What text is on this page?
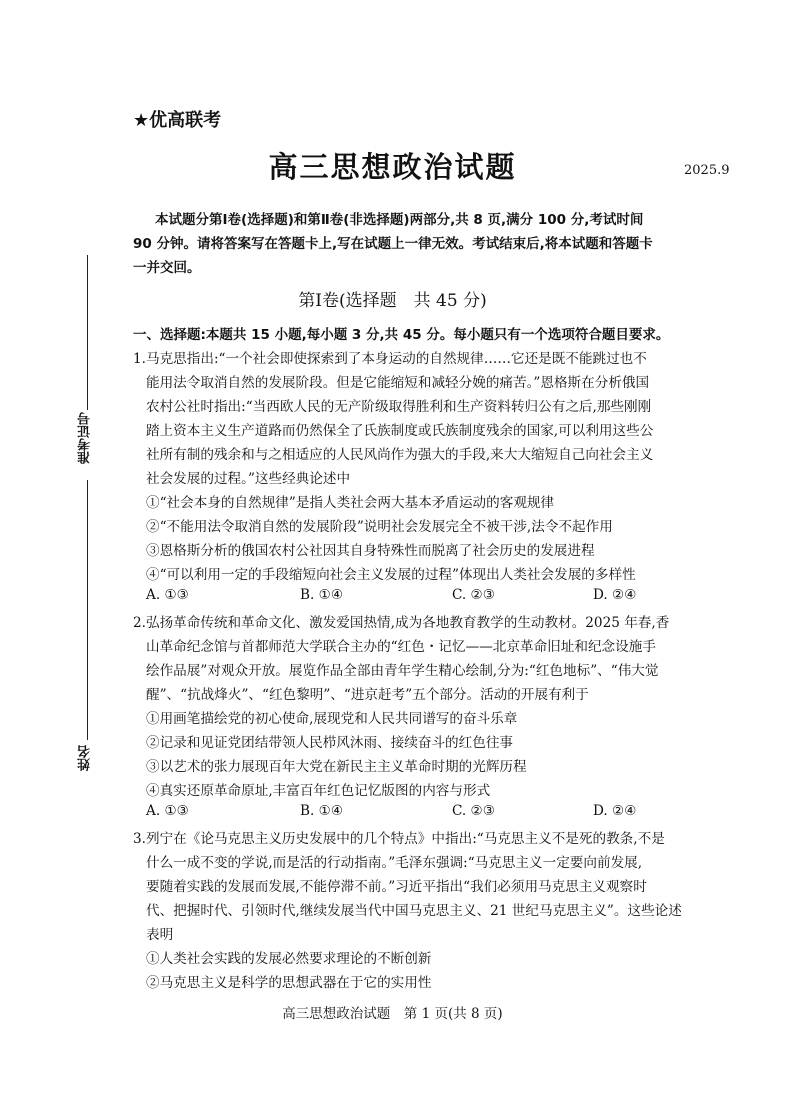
准考证号
姓名
★优高联考
高三思想政治试题	2025.9
本试题分第Ⅰ卷(选择题)和第Ⅱ卷(非选择题)两部分,共 8 页,满分 100 分,考试时间
90 分钟。请将答案写在答题卡上,写在试题上一律无效。考试结束后,将本试题和答题卡
一并交回。
第Ⅰ卷(选择题　共 45 分)
一、选择题:本题共 15 小题,每小题 3 分,共 45 分。每小题只有一个选项符合题目要求。
1.马克思指出:“一个社会即使探索到了本身运动的自然规律……它还是既不能跳过也不
能用法令取消自然的发展阶段。但是它能缩短和减轻分娩的痛苦。”恩格斯在分析俄国
农村公社时指出:“当西欧人民的无产阶级取得胜利和生产资料转归公有之后,那些刚刚
踏上资本主义生产道路而仍然保全了氏族制度或氏族制度残余的国家,可以利用这些公
社所有制的残余和与之相适应的人民风尚作为强大的手段,来大大缩短自己向社会主义
社会发展的过程。”这些经典论述中
①“社会本身的自然规律”是指人类社会两大基本矛盾运动的客观规律
②“不能用法令取消自然的发展阶段”说明社会发展完全不被干涉,法令不起作用
③恩格斯分析的俄国农村公社因其自身特殊性而脱离了社会历史的发展进程
④“可以利用一定的手段缩短向社会主义发展的过程”体现出人类社会发展的多样性
A. ①③	B. ①④	C. ②③	D. ②④
2.弘扬革命传统和革命文化、激发爱国热情,成为各地教育教学的生动教材。2025 年春,香
山革命纪念馆与首都师范大学联合主办的“红色・记忆——北京革命旧址和纪念设施手
绘作品展”对观众开放。展览作品全部由青年学生精心绘制,分为:“红色地标”、“伟大觉
醒”、“抗战烽火”、“红色黎明”、“进京赶考”五个部分。活动的开展有利于
①用画笔描绘党的初心使命,展现党和人民共同谱写的奋斗乐章
②记录和见证党团结带领人民栉风沐雨、接续奋斗的红色往事
③以艺术的张力展现百年大党在新民主主义革命时期的光辉历程
④真实还原革命原址,丰富百年红色记忆版图的内容与形式
A. ①③	B. ①④	C. ②③	D. ②④
3.列宁在《论马克思主义历史发展中的几个特点》中指出:“马克思主义不是死的教条,不是
什么一成不变的学说,而是活的行动指南。”毛泽东强调:“马克思主义一定要向前发展,
要随着实践的发展而发展,不能停滞不前。”习近平指出“我们必须用马克思主义观察时
代、把握时代、引领时代,继续发展当代中国马克思主义、21 世纪马克思主义”。这些论述
表明
①人类社会实践的发展必然要求理论的不断创新
②马克思主义是科学的思想武器在于它的实用性
高三思想政治试题　第 1 页(共 8 页)
